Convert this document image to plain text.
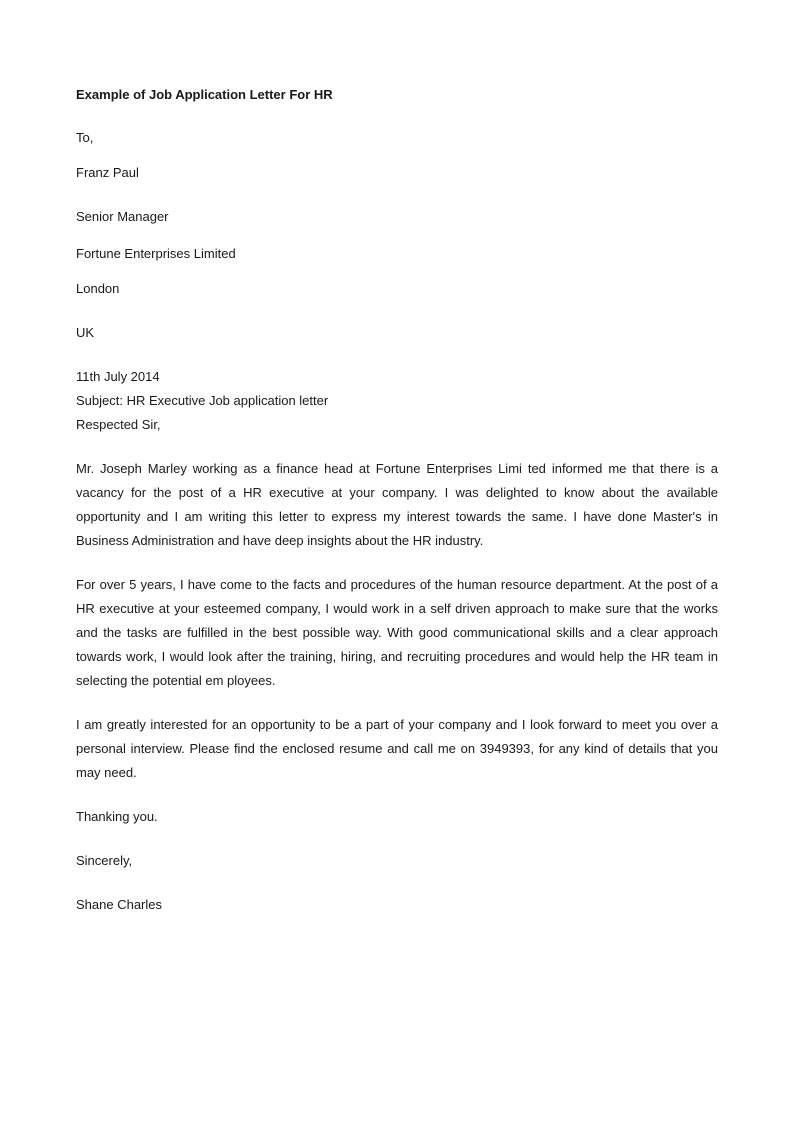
Example of Job Application Letter For HR
To,
Franz Paul
Senior Manager
Fortune Enterprises Limited
London
UK
11th July 2014
Subject: HR Executive Job application letter
Respected Sir,
Mr. Joseph Marley working as a finance head at Fortune Enterprises Limi ted informed me that there is a vacancy for the post of a HR executive at your company. I was delighted to know about the available opportunity and I am writing this letter to express my interest towards the same. I have done Master's in Business Administration and have deep insights about the HR industry.
For over 5 years, I have come to the facts and procedures of the human resource department. At the post of a HR executive at your esteemed company, I would work in a self driven approach to make sure that the works and the tasks are fulfilled in the best possible way. With good communicational skills and a clear approach towards work, I would look after the training, hiring, and recruiting procedures and would help the HR team in selecting the potential em ployees.
I am greatly interested for an opportunity to be a part of your company and I look forward to meet you over a personal interview. Please find the enclosed resume and call me on 3949393, for any kind of details that you may need.
Thanking you.
Sincerely,
Shane Charles
